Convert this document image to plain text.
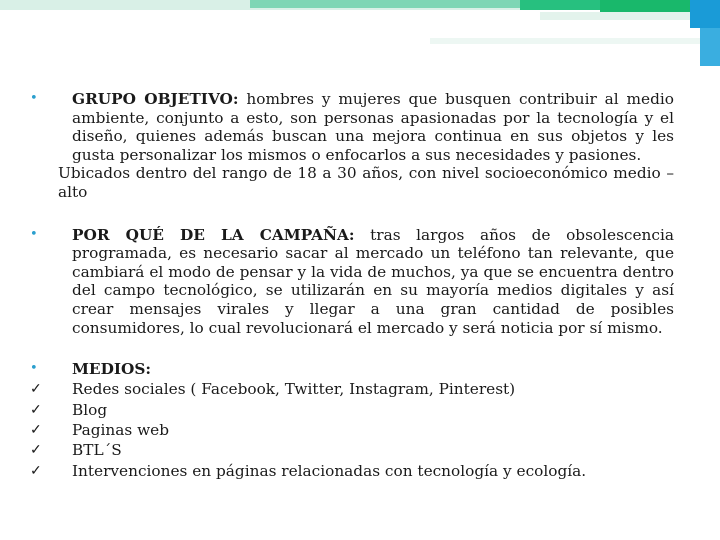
• GRUPO OBJETIVO: hombres y mujeres que busquen contribuir al medio ambiente, conjunto a esto, son personas apasionadas por la tecnología y el diseño, quienes además buscan una mejora continua en sus objetos y les gusta personalizar los mismos o enfocarlos a sus necesidades y pasiones.

Ubicados dentro del rango de 18 a 30 años, con nivel socioeconómico medio – alto

• POR QUÉ DE LA CAMPAÑA: tras largos años de obsolescencia programada, es necesario sacar al mercado un teléfono tan relevante, que cambiará el modo de pensar y la vida de muchos, ya que se encuentra dentro del campo tecnológico, se utilizarán en su mayoría medios digitales y así crear mensajes virales y llegar a una gran cantidad de posibles consumidores, lo cual revolucionará el mercado y será noticia por sí mismo.

• MEDIOS:
✓ Redes sociales ( Facebook, Twitter, Instagram, Pinterest)
✓ Blog
✓ Paginas web
✓ BTL´S
✓ Intervenciones en páginas relacionadas con tecnología y ecología.
